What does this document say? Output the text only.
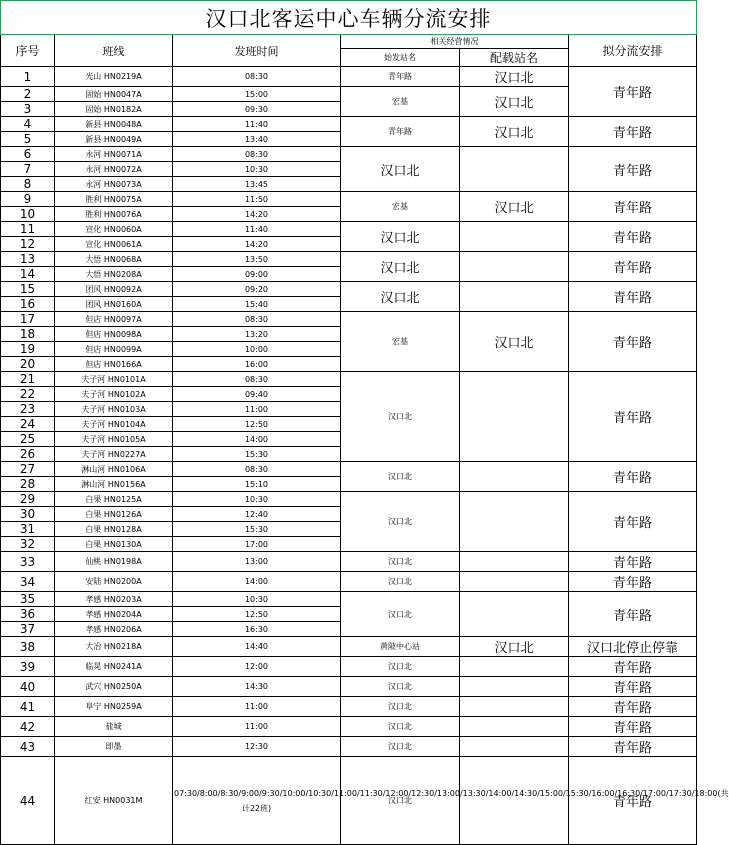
汉口北客运中心车辆分流安排					
序号	班线	发班时间	相关经营情况		拟分流安排
			始发站名	配载站名	
1	光山 HN0219A	08:30	青年路	汉口北	青年路
2	固始 HN0047A	15:00	宏基	汉口北	
3	固始 HN0182A	09:30			
4	新县 HN0048A	11:40	青年路	汉口北	青年路
5	新县 HN0049A	13:40			
6	永河 HN0071A	08:30	汉口北		青年路
7	永河 HN0072A	10:30			
8	永河 HN0073A	13:45			
9	胜利 HN0075A	11:50	宏基	汉口北	青年路
10	胜利 HN0076A	14:20			
11	宣化 HN0060A	11:40	汉口北		青年路
12	宣化 HN0061A	14:20			
13	大悟 HN0068A	13:50	汉口北		青年路
14	大悟 HN0208A	09:00			
15	团风 HN0092A	09:20	汉口北		青年路
16	团风 HN0160A	15:40			
17	但店 HN0097A	08:30	宏基	汉口北	青年路
18	但店 HN0098A	13:20			
19	但店 HN0099A	10:00			
20	但店 HN0166A	16:00			
21	夫子河 HN0101A	08:30	汉口北		青年路
22	夫子河 HN0102A	09:40			
23	夫子河 HN0103A	11:00			
24	夫子河 HN0104A	12:50			
25	夫子河 HN0105A	14:00			
26	夫子河 HN0227A	15:30			
27	淋山河 HN0106A	08:30	汉口北		青年路
28	淋山河 HN0156A	15:10			
29	白果 HN0125A	10:30	汉口北		青年路
30	白果 HN0126A	12:40			
31	白果 HN0128A	15:30			
32	白果 HN0130A	17:00			
33	仙桃 HN0198A	13:00	汉口北		青年路
34	安陆 HN0200A	14:00	汉口北		青年路
35	孝感 HN0203A	10:30	汉口北		青年路
36	孝感 HN0204A	12:50			
37	孝感 HN0206A	16:30			
38	大冶 HN0218A	14:40	黄陂中心站	汉口北	汉口北停止停靠
39	临晃 HN0241A	12:00	汉口北		青年路
40	武穴 HN0250A	14:30	汉口北		青年路
41	阜宁 HN0259A	11:00	汉口北		青年路
42	盐城	11:00	汉口北		青年路
43	即墨	12:30	汉口北		青年路
44	红安 HN0031M	07:30/8:00/8:30/9:00/9:30/10:00/10:30/11:00/11:30/12:00/12:30/13:00/13:30/14:00/14:30/15:00/15:30/16:00/16:30/17:00/17:30/18:00(共计22班)	汉口北		青年路
